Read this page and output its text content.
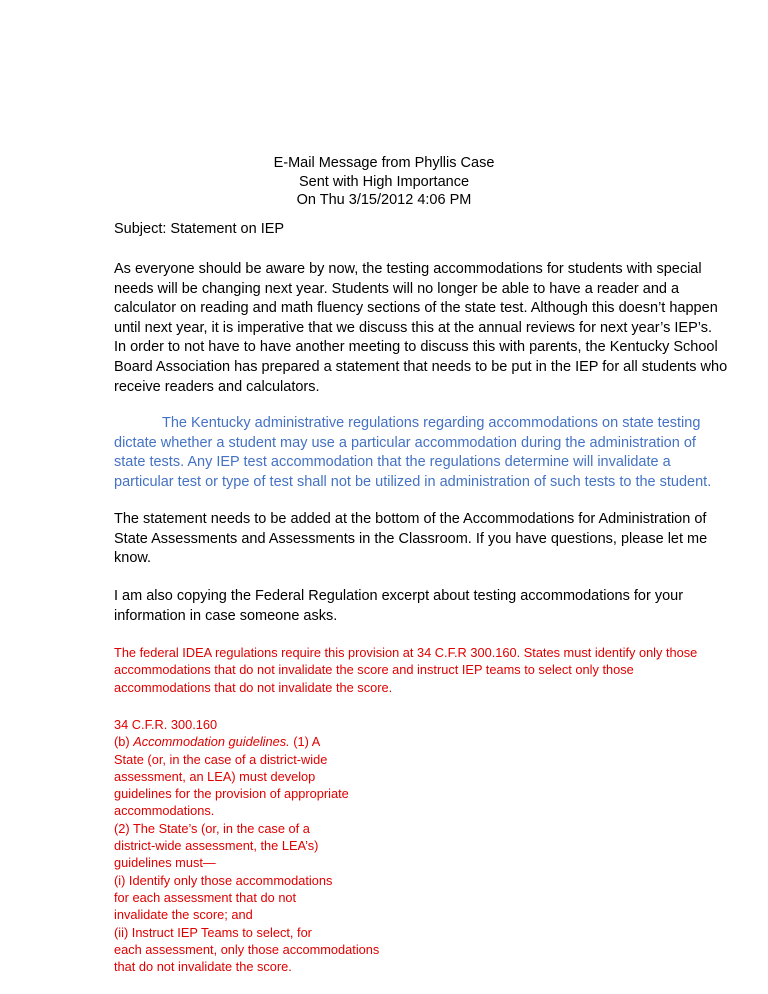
E-Mail Message from Phyllis Case
Sent with High Importance
On Thu 3/15/2012 4:06 PM
Subject: Statement on IEP
As everyone should be aware by now, the testing accommodations for students with special
needs will be changing next year. Students will no longer be able to have a reader and a
calculator on reading and math fluency sections of the state test. Although this doesn’t happen
until next year, it is imperative that we discuss this at the annual reviews for next year’s IEP’s.
In order to not have to have another meeting to discuss this with parents, the Kentucky School
Board Association has prepared a statement that needs to be put in the IEP for all students who
receive readers and calculators.
The Kentucky administrative regulations regarding accommodations on state testing
dictate whether a student may use a particular accommodation during the administration of
state tests. Any IEP test accommodation that the regulations determine will invalidate a
particular test or type of test shall not be utilized in administration of such tests to the student.
The statement needs to be added at the bottom of the Accommodations for Administration of
State Assessments and Assessments in the Classroom. If you have questions, please let me
know.
I am also copying the Federal Regulation excerpt about testing accommodations for your
information in case someone asks.
The federal IDEA regulations require this provision at 34 C.F.R 300.160. States must identify only those
accommodations that do not invalidate the score and instruct IEP teams to select only those
accommodations that do not invalidate the score.
34 C.F.R. 300.160
(b) Accommodation guidelines. (1) A
State (or, in the case of a district-wide
assessment, an LEA) must develop
guidelines for the provision of appropriate
accommodations.
(2) The State’s (or, in the case of a
district-wide assessment, the LEA’s)
guidelines must—
(i) Identify only those accommodations
for each assessment that do not
invalidate the score; and
(ii) Instruct IEP Teams to select, for
each assessment, only those accommodations
that do not invalidate the score.
